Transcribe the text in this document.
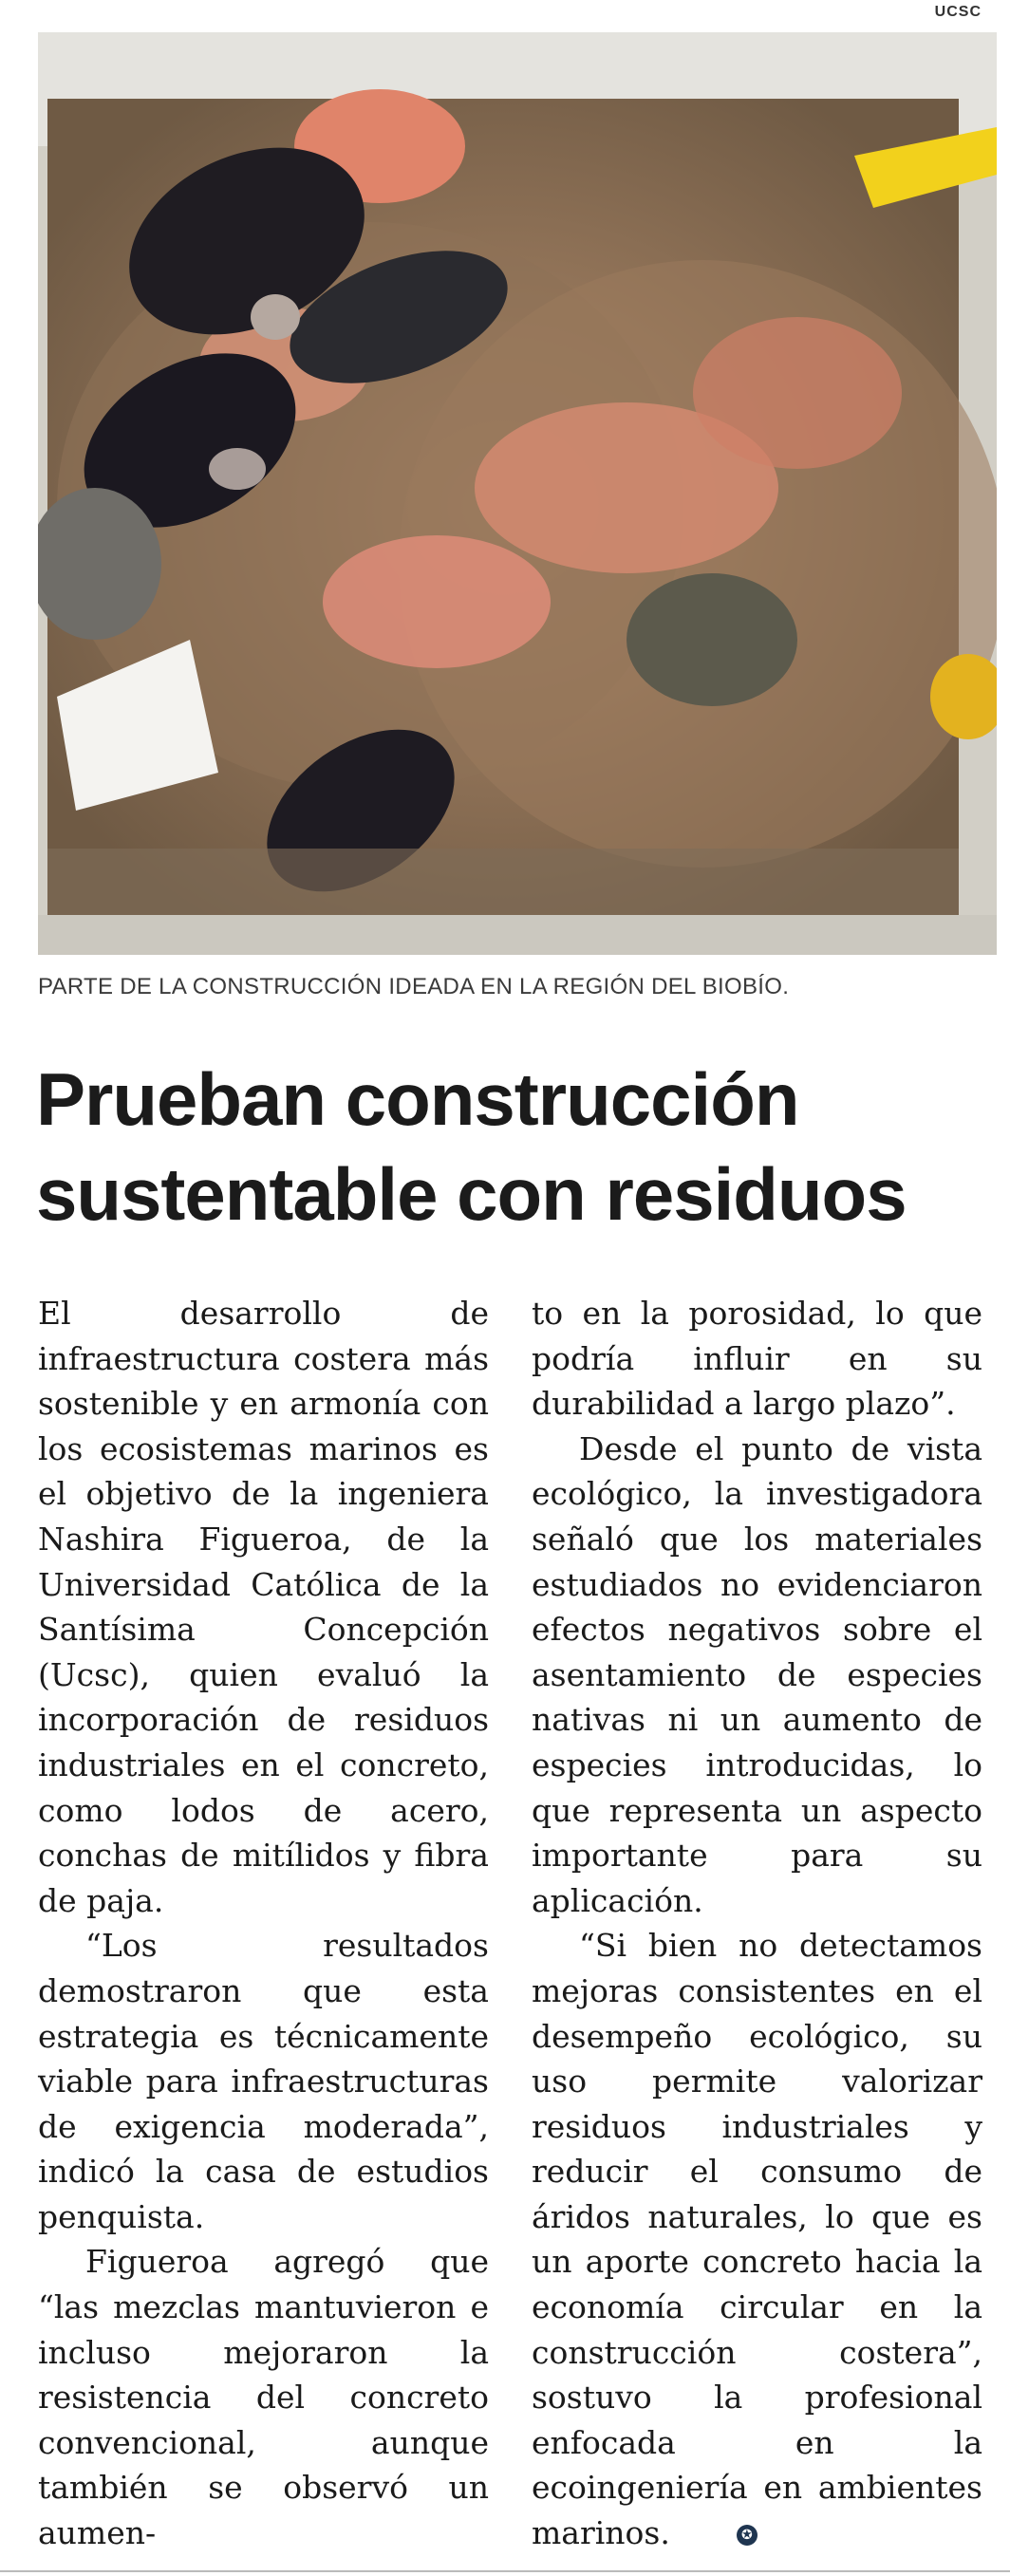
UCSC
PARTE DE LA CONSTRUCCIÓN IDEADA EN LA REGIÓN DEL BIOBÍO.
Prueban construcción sustentable con residuos

El desarrollo de infraestructura costera más sostenible y en armonía con los ecosistemas marinos es el objetivo de la ingeniera Nashira Figueroa, de la Universidad Católica de la Santísima Concepción (Ucsc), quien evaluó la incorporación de residuos industriales en el concreto, como lodos de acero, conchas de mitílidos y fibra de paja.

“Los resultados demostraron que esta estrategia es técnicamente viable para infraestructuras de exigencia moderada”, indicó la casa de estudios penquista.

Figueroa agregó que “las mezclas mantuvieron e incluso mejoraron la resistencia del concreto convencional, aunque también se observó un aumen-

to en la porosidad, lo que podría influir en su durabilidad a largo plazo”.

Desde el punto de vista ecológico, la investigadora señaló que los materiales estudiados no evidenciaron efectos negativos sobre el asentamiento de especies nativas ni un aumento de especies introducidas, lo que representa un aspecto importante para su aplicación.

“Si bien no detectamos mejoras consistentes en el desempeño ecológico, su uso permite valorizar residuos industriales y reducir el consumo de áridos naturales, lo que es un aporte concreto hacia la economía circular en la construcción costera”, sostuvo la profesional enfocada en la ecoingeniería en ambientes marinos.	✪
